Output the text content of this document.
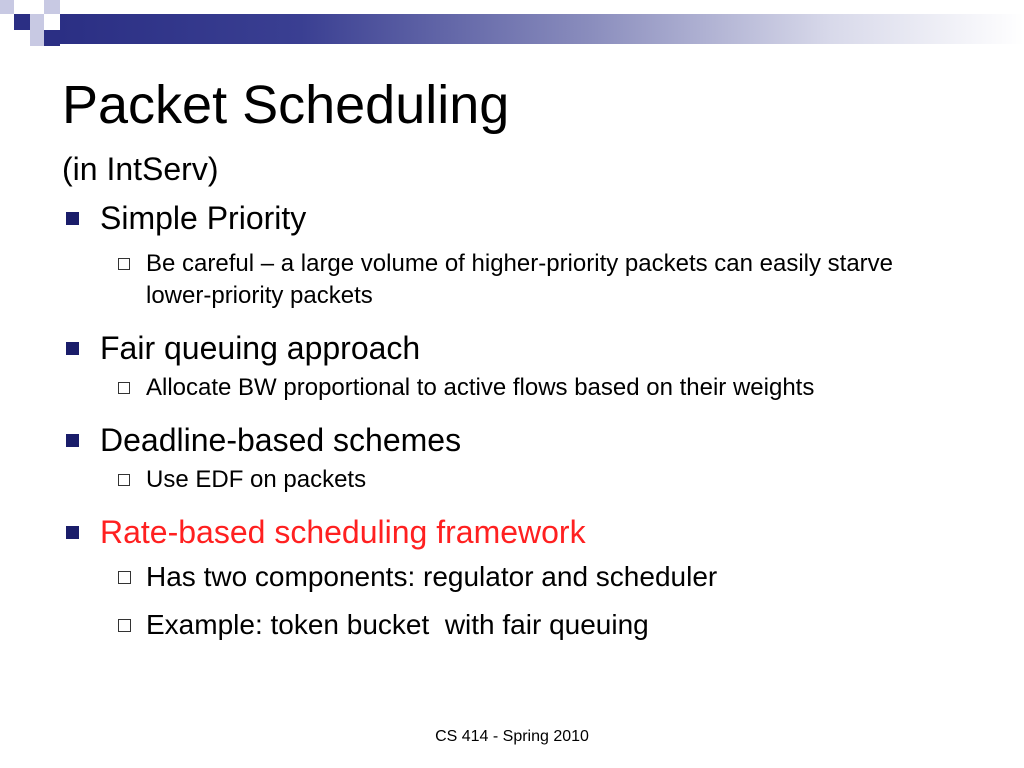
Packet Scheduling
(in IntServ)
Simple Priority
Be careful – a large volume of higher-priority packets can easily starve lower-priority packets
Fair queuing approach
Allocate BW proportional to active flows based on their weights
Deadline-based schemes
Use EDF on packets
Rate-based scheduling framework
Has two components: regulator and scheduler
Example: token bucket  with fair queuing
CS 414 - Spring 2010
